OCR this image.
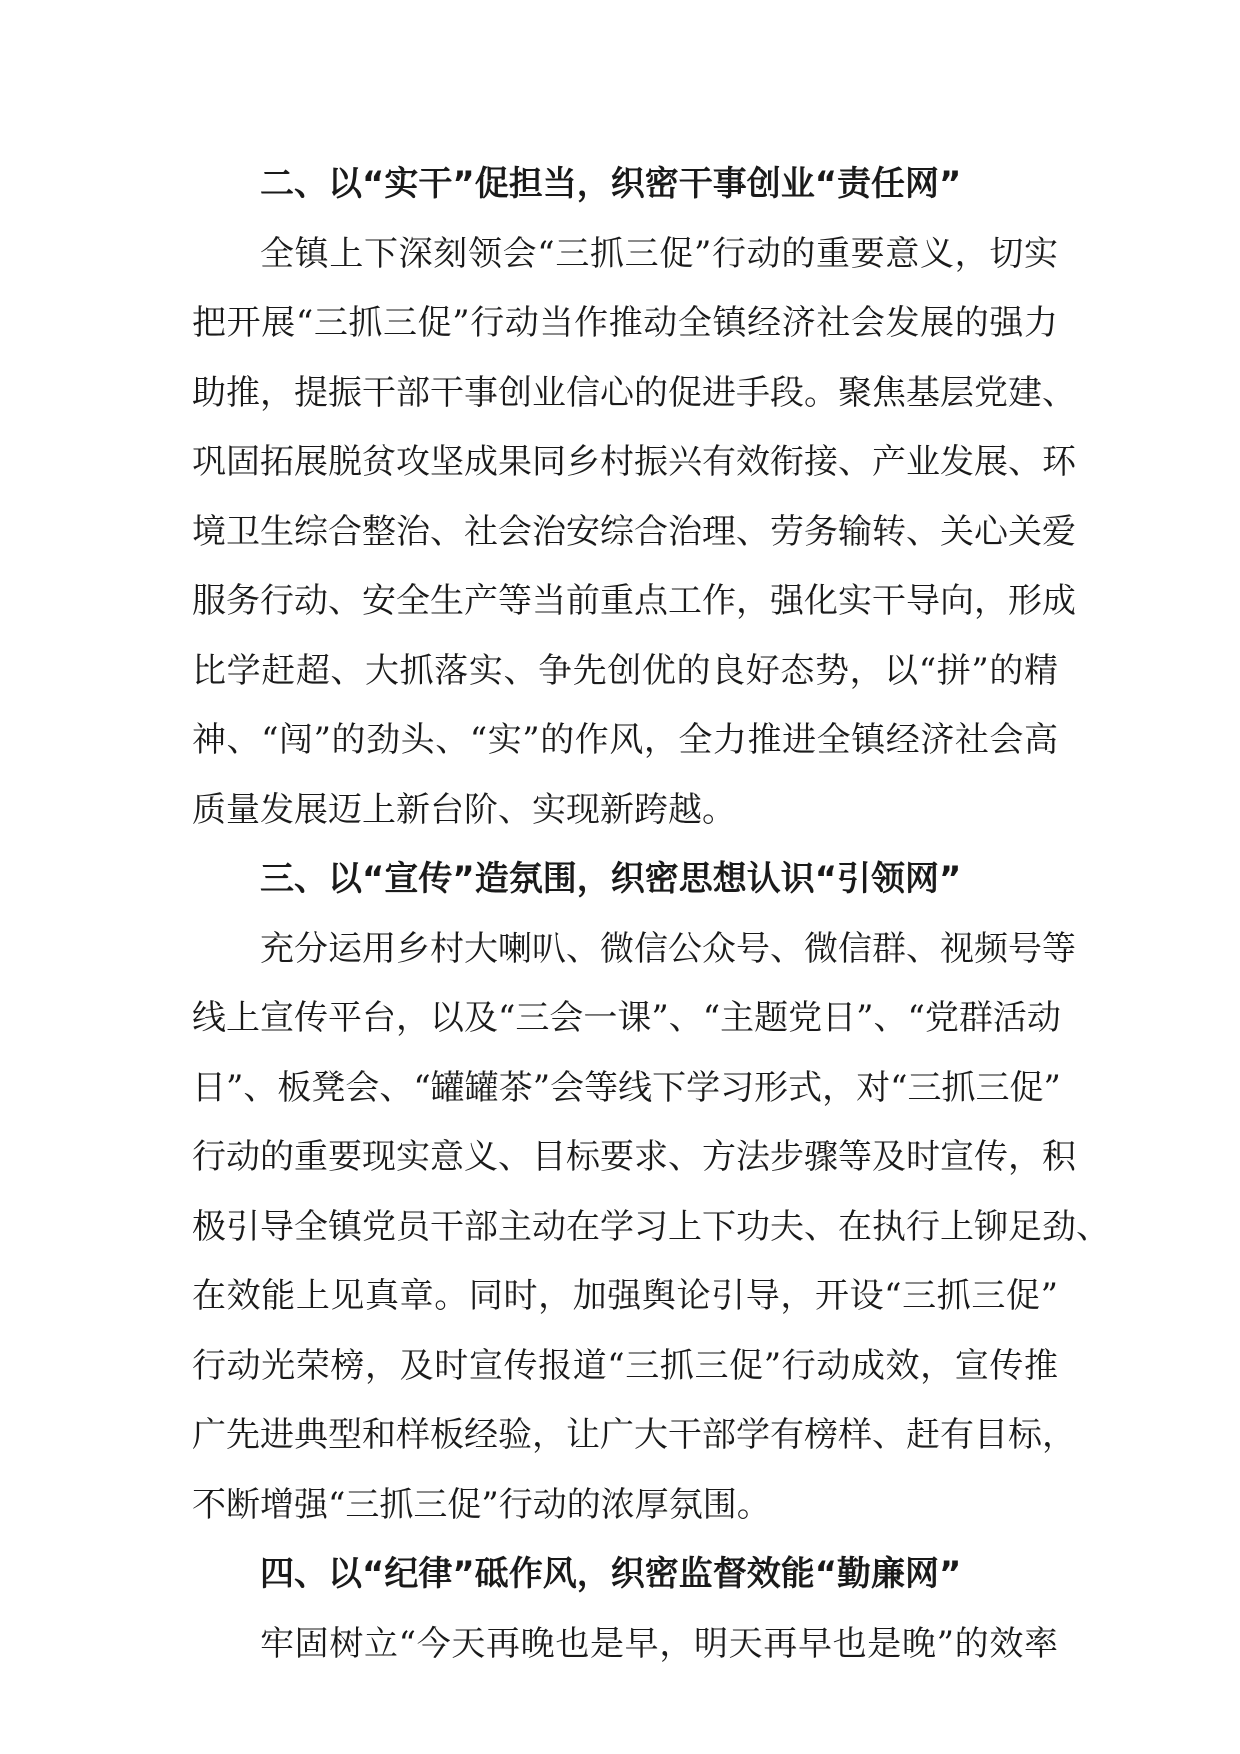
二、以“实干”促担当，织密干事创业“责任网”
全镇上下深刻领会“三抓三促”行动的重要意义，切实
把开展“三抓三促”行动当作推动全镇经济社会发展的强力
助推，提振干部干事创业信心的促进手段。聚焦基层党建、
巩固拓展脱贫攻坚成果同乡村振兴有效衔接、产业发展、环
境卫生综合整治、社会治安综合治理、劳务输转、关心关爱
服务行动、安全生产等当前重点工作，强化实干导向，形成
比学赶超、大抓落实、争先创优的良好态势，以“拼”的精
神、“闯”的劲头、“实”的作风，全力推进全镇经济社会高
质量发展迈上新台阶、实现新跨越。
三、以“宣传”造氛围，织密思想认识“引领网”
充分运用乡村大喇叭、微信公众号、微信群、视频号等
线上宣传平台，以及“三会一课”、“主题党日”、“党群活动
日”、板凳会、“罐罐茶”会等线下学习形式，对“三抓三促”
行动的重要现实意义、目标要求、方法步骤等及时宣传，积
极引导全镇党员干部主动在学习上下功夫、在执行上铆足劲、
在效能上见真章。同时，加强舆论引导，开设“三抓三促”
行动光荣榜，及时宣传报道“三抓三促”行动成效，宣传推
广先进典型和样板经验，让广大干部学有榜样、赶有目标，
不断增强“三抓三促”行动的浓厚氛围。
四、以“纪律”砥作风，织密监督效能“勤廉网”
牢固树立“今天再晚也是早，明天再早也是晚”的效率
